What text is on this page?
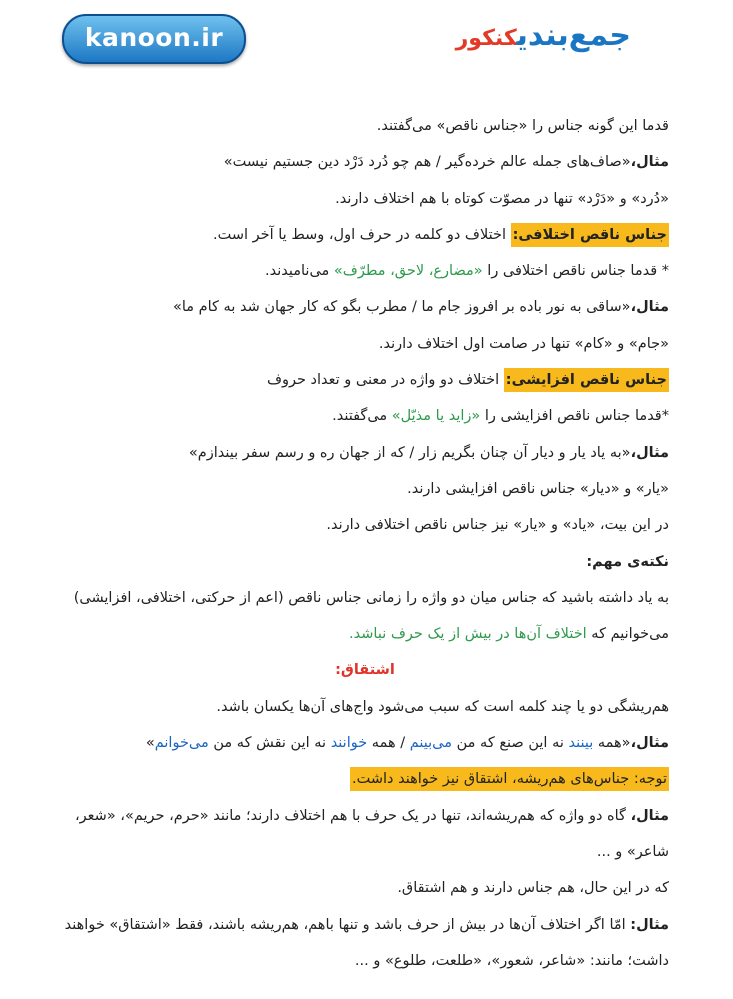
kanoon.ir	جمع‌بندیکنکور
قدما این گونه جناس را «جناس ناقص» می‌گفتند.
مثال،«صاف‌های جمله عالم خرده‌گیر / هم چو دُرد دَرْد دین جستیم نیست»
«دُرد» و «دَرْد» تنها در مصوّت کوتاه با هم اختلاف دارند.
جناس ناقص اختلافی: اختلاف دو کلمه در حرف اول، وسط یا آخر است.
* قدما جناس ناقص اختلافی را «مضارع، لاحق، مطرّف» می‌نامیدند.
مثال،«ساقی به نور باده بر افروز جام ما / مطرب بگو که کار جهان شد به کام ما»
«جام» و «کام» تنها در صامت اول اختلاف دارند.
جناس ناقص افزایشی: اختلاف دو واژه در معنی و تعداد حروف
*قدما جناس ناقص افزایشی را «زاید یا مذیّل» می‌گفتند.
مثال،«به یاد یار و دیار آن چنان بگریم زار / که از جهان ره و رسم سفر بیندازم»
«یار» و «دیار» جناس ناقص افزایشی دارند.
در این بیت، «یاد» و «یار» نیز جناس ناقص اختلافی دارند.
نکته‌ی مهم:
به یاد داشته باشید که جناس میان دو واژه را زمانی جناس ناقص (اعم از حرکتی، اختلافی، افزایشی)
می‌خوانیم که اختلاف آن‌ها در بیش از یک حرف نباشد.
اشتقاق:
هم‌ریشگی دو یا چند کلمه است که سبب می‌شود واج‌های آن‌ها یکسان باشد.
مثال،«همه بینند نه این صنع که من می‌بینم / همه خوانند نه این نقش که من می‌خوانم»
توجه: جناس‌های هم‌ریشه، اشتقاق نیز خواهند داشت.
مثال، گاه دو واژه که هم‌ریشه‌اند، تنها در یک حرف با هم اختلاف دارند؛ مانند «حرم، حریم»، «شعر،
شاعر» و ...
که در این حال، هم جناس دارند و هم اشتقاق.
مثال: امّا اگر اختلاف آن‌ها در بیش از حرف باشد و تنها باهم، هم‌ریشه باشند، فقط «اشتقاق» خواهند
داشت؛ مانند: «شاعر، شعور»، «طلعت، طلوع» و ...
